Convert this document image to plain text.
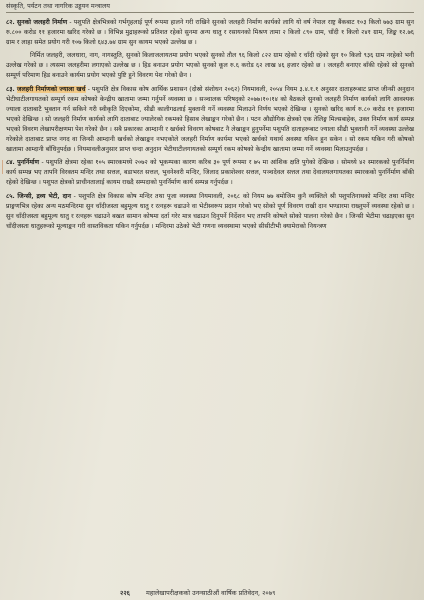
संस्कृति, पर्यटन तथा नागरिक उड्डयन मन्त्रालय

८२. सुनको जलहरी निर्माण - पशुपति क्षेत्रभित्रको गर्भगृहलाई पूर्ण रूपमा हालने गरी राखिने सुनको जलहरी निर्माण कार्यको लागि यो वर्ष नेपाल राष्ट्र बैंकबाट १०३ किलो ७७३ ग्राम सुन रु.८०० करोड ११ हजारमा खरिद गरेको छ । विभिन्न मुद्राहरूको प्रतिशत रहेको सुनमा अन्य धातु र रसायनको मिश्रण तामा २ किलो ८९० ग्राम, चाँदी १ किलो २४१ ग्राम, जिङ्क १२.७६ ग्राम र लाहा समेत प्रयोग गरी १०७ किलो ६४३.७४ ग्राम सुन कायम भएको उल्लेख छ ।

निर्मित जलहरी, जलधारा, नाग, नागस्तुति, सुनको किलाजलायतमा प्रयोग भएको सुनको तौल ९६ किलो ८२२ ग्राम रहेको र चाँदी रहेको सुन १० किलो ९३६ ग्राम नरहेको भनी उल्लेख गरेको छ । त्यसमा जलहरीमा लगाएको उल्लेख छ । हिड बनाउन प्रयोग भएको सुनको कूल रु.६ करोड ६२ लाख ४६ हजार रहेको छ । जलहरी बनाएर बाँकी रहेको सो सुनको सम्पूर्ण परिमाण हिड बनाउने कार्यमा प्रयोग भएको पुष्टि हुने विवरण पेश गरेको छैन ।

८३. जलहरी निर्माणको ज्याला खर्च - पशुपति क्षेत्र विकास कोष आर्थिक प्रशासन (दोस्रो संशोधन २०६२) नियमावली, २०५४ नियम ३.४.१.१ अनुसार दाताहरूबाट प्राप्त जीन्सी अनुदान भेटीघाटीलगायतको सम्पूर्ण रकम कोषको केन्द्रीय खातामा जम्मा गर्नुपर्ने व्यवस्था छ । सञ्चालक परिषद्को २०७७।१०।१४ को बैठकले सुनको जलहरी निर्माण कार्यको लागि आवश्यक ज्याला दाताबाटै भुक्तान गर्न सकिने गरी स्वीकृति दिएकोमा, सीढी कालीगढलाई मुक्तानी गर्ने व्यवस्था मिलाउने निर्णय भएको देखिन्छ । सुनको खरिद कार्य रु.८० करोड ११ हजारमा भएको देखिन्छ । सो जलहरी निर्माण कार्यको लागि दाताबाट ज्यालेरको रकमको हिसाब लेखाङ्कन गरेको छैन । पटन औद्योगिक क्षेत्रको एक तेलिङ्ग मिल्सबाहेक, उक्त निर्माण कार्य सम्पन्न भएको विवरण लेखापरीक्षणमा पेश गरेको छैन । सबै प्रकारका आम्दानी र खर्चको विवरण कोषबाट नै लेखाङ्कन हुनुपर्नेमा पशुपति दाताहरूबाट ज्याला सीढी भुक्तानी गर्ने व्यवस्था उल्लेख गरेकोले दाताबाट प्राप्त नगद वा जिन्सी आम्दानी खर्चको लेखाङ्कन नभएकोले जलहरी निर्माण कार्यमा भएको खर्चको यथार्थ अवस्था यकिन हुन सकेन । सो रकम यकिन गरी कोषको खातामा आम्दानी बाँधिनुपर्दछ । नियमावलीअनुसार प्राप्त चन्दा अनुदान भेटीघाटीलगायतको सम्पूर्ण रकम कोषको केन्द्रीय खातामा जम्मा गर्ने व्यवस्था मिलाउनुपर्दछ ।

८४. पुनर्निर्माण - पशुपति क्षेत्रमा रहेका १०५ स्मारकमध्ये २०७२ को भूकम्पका कारण करिब ३० पूर्ण रूपमा र ७५ मा आंशिक क्षति पुगेको देखिन्छ । सोमध्ये ४२ स्मारकको पुनर्निर्माण कार्य सम्पन्न भए तापनि विरक्तम मन्दिर तथा सत्तल, बडाभरत सत्तल, भुवनेश्वरी मन्दिर, जिलाद प्रकाशेश्वर सत्तल, पञ्चदेवल सत्तल तथा देवालयलगायतका स्मारकको पुनर्निर्माण बाँकी रहेको देखिन्छ । पशुपत क्षेत्रको प्राचीनतालाई कायम राख्दै सम्पदाको पुनर्निर्माण कार्य सम्पन्न गर्नुपर्दछ ।

८५. जिन्सी, द्रव्य भेटी, दान - पशुपति क्षेत्र विकास कोष मन्दिर तथा पूजा व्यवस्था नियमावली, २०६८ को नियम ७७ बमोजिम कुनै व्यक्तिले श्री पशुपतिनाथको मन्दिर तथा मन्दिर प्राङ्गणभित्र रहेका अन्य मठमन्दिरमा सुन चाँदीजस्ता बहुमूल्य धातु र रत्नहरू चढाउने वा भेटीस्वरूप प्रदान गरेको भए सोको पूर्ण विवरण राखी दान भण्डारमा राख्नुपर्ने व्यवस्था रहेको छ । सुन चाँदीजस्ता बहुमूल्य धातु र रत्नहरू चढाउने बखत सामान कोषमा दर्ता गरेर मात्र चढाउन दिनुपर्ने निर्देशन भए तापनि कोषले सोको पालना गरेको छैन । जिन्सी भेटीमा चढाइएका सुन चाँदीजस्ता धातुहरूको मूल्याङ्कन गरी वास्तविकता यकिन गर्नुपर्दछ । मन्दिरमा उठेको भेटी गणना व्यवस्थामा भएको सीसीटीभी क्यामेराको नियन्त्रण

२२६	महालेखापरीक्षकको उनन्साठीऔं वार्षिक प्रतिवेदन, २०७९
